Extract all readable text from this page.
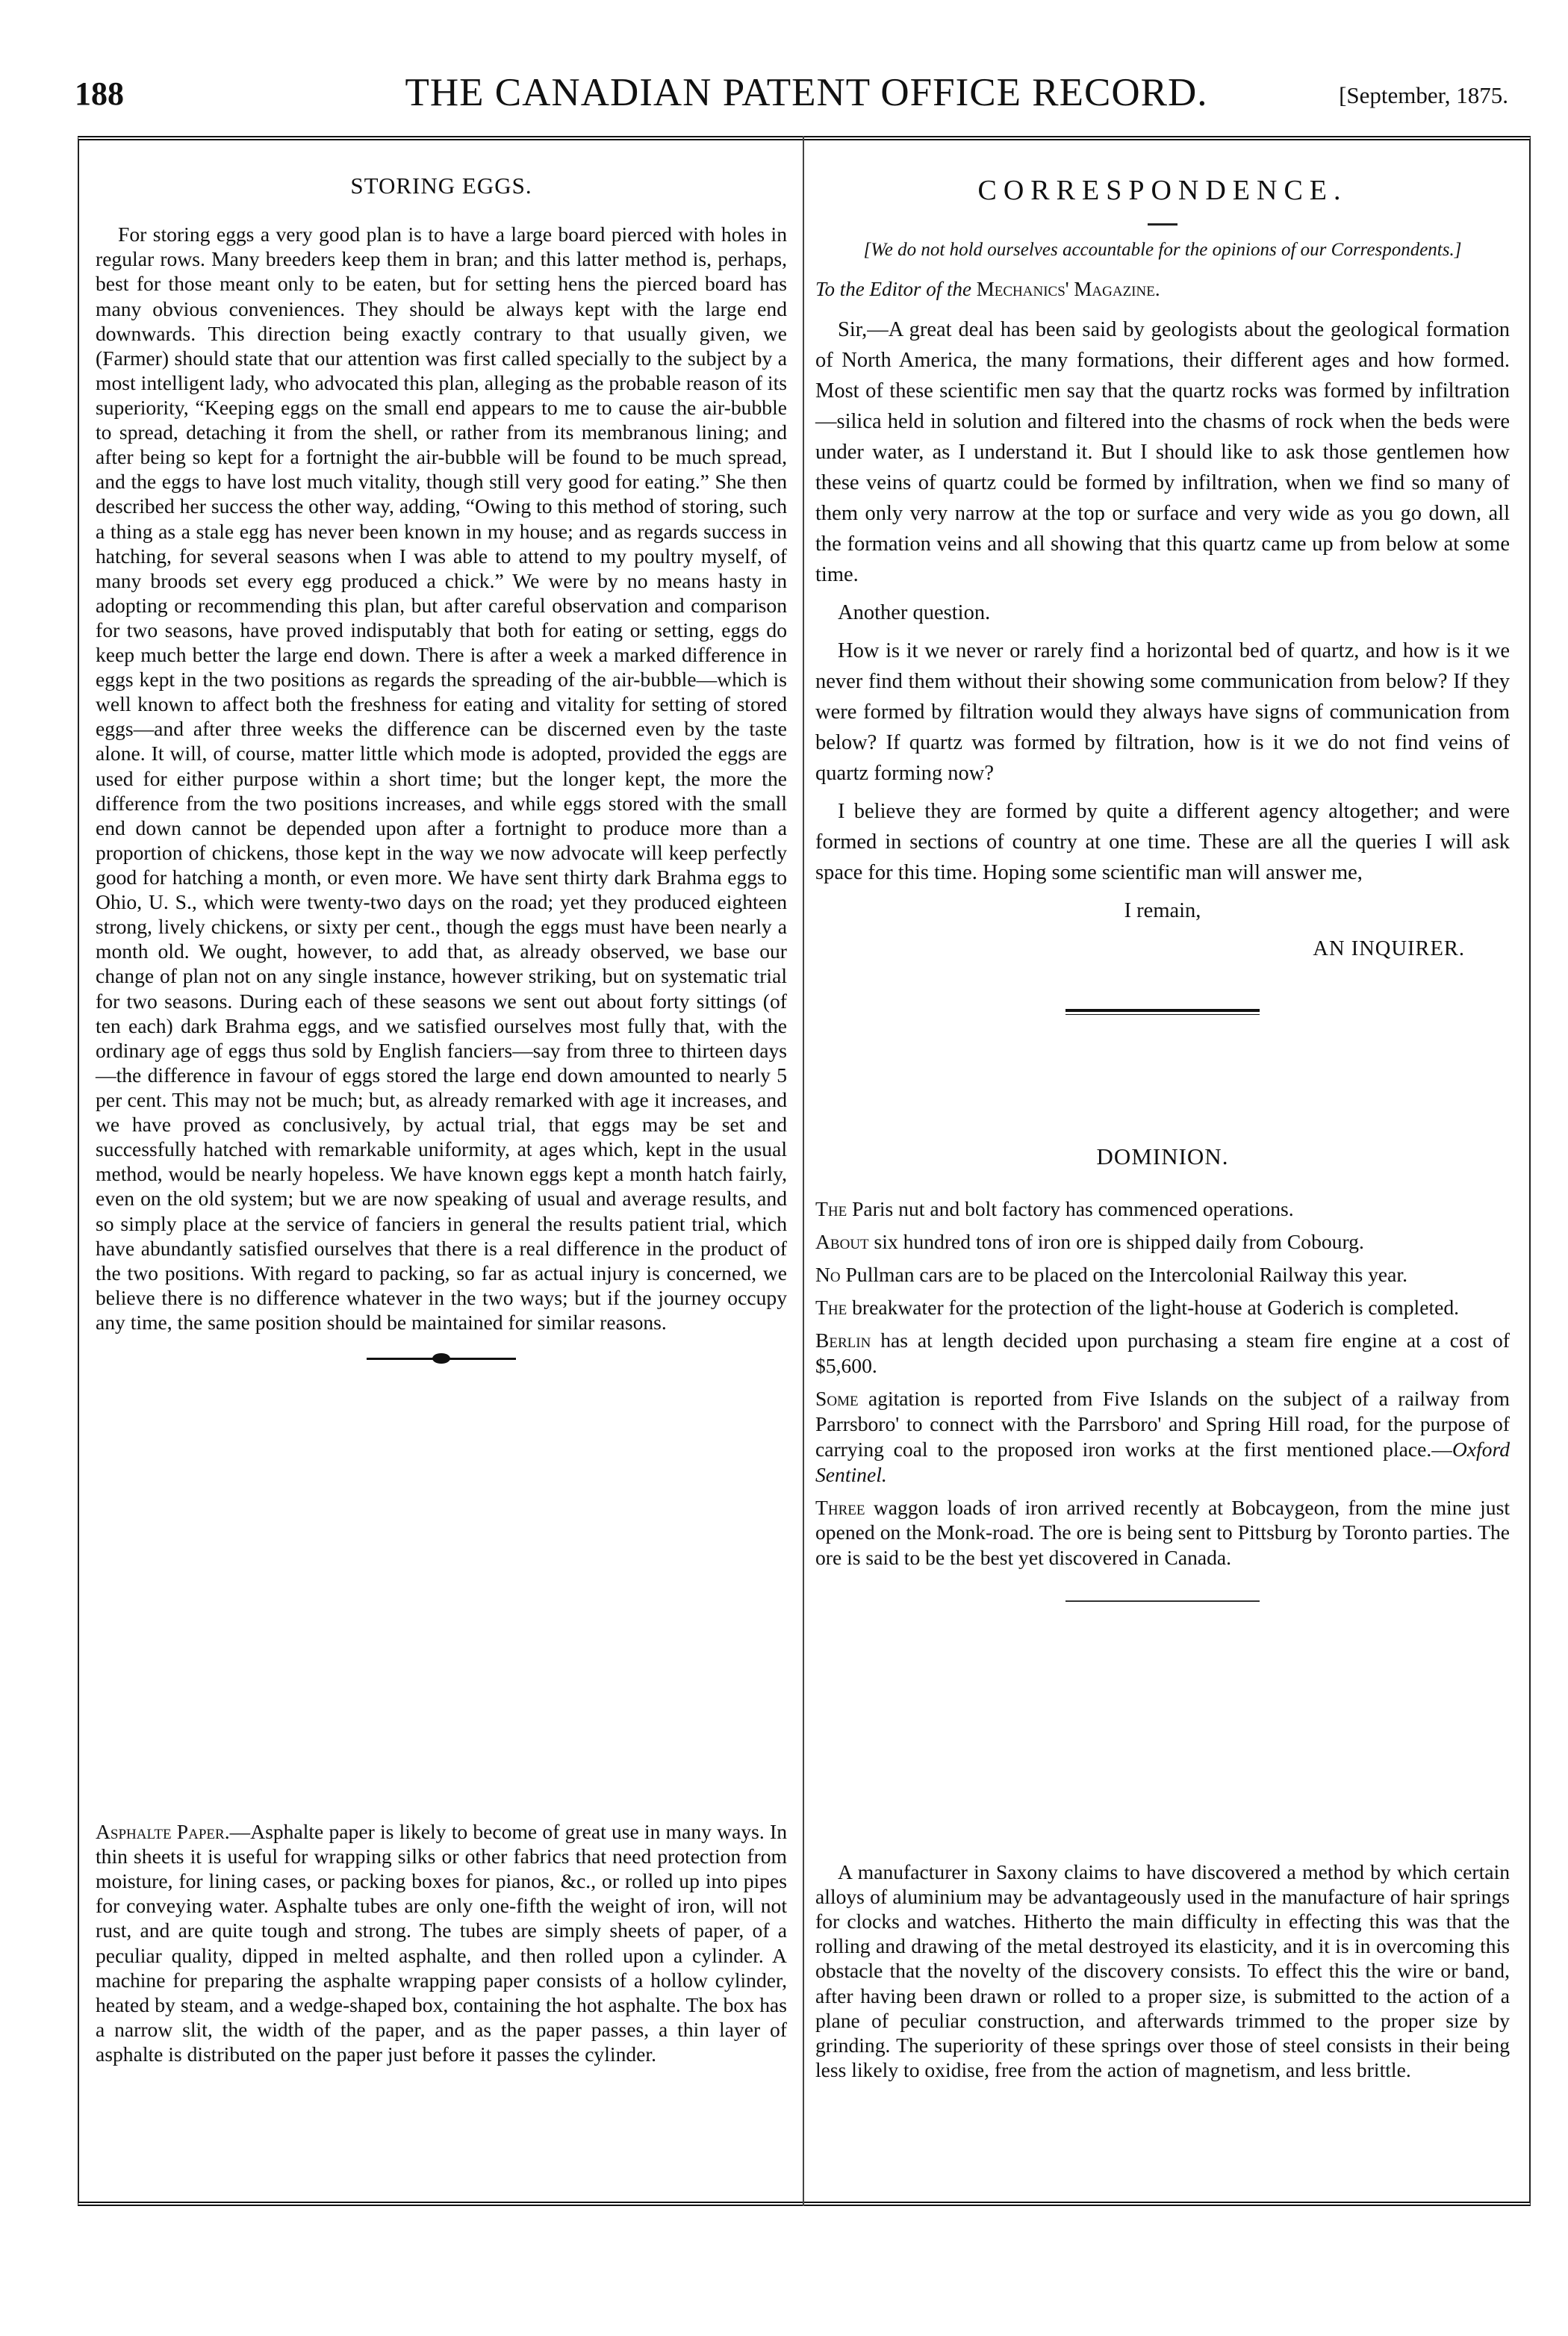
188	THE CANADIAN PATENT OFFICE RECORD.	[September, 1875.
STORING EGGS.

For storing eggs a very good plan is to have a large board pierced with holes in regular rows. Many breeders keep them in bran; and this latter method is, perhaps, best for those meant only to be eaten, but for setting hens the pierced board has many obvious conveniences. They should be always kept with the large end downwards. This direction being exactly contrary to that usually given, we (Farmer) should state that our attention was first called specially to the subject by a most intelligent lady, who advocated this plan, alleging as the probable reason of its superiority, “Keeping eggs on the small end appears to me to cause the air-bubble to spread, detaching it from the shell, or rather from its membranous lining; and after being so kept for a fortnight the air-bubble will be found to be much spread, and the eggs to have lost much vitality, though still very good for eating.” She then described her success the other way, adding, “Owing to this method of storing, such a thing as a stale egg has never been known in my house; and as regards success in hatching, for several seasons when I was able to attend to my poultry myself, of many broods set every egg produced a chick.” We were by no means hasty in adopting or recommending this plan, but after careful observation and comparison for two seasons, have proved indisputably that both for eating or setting, eggs do keep much better the large end down. There is after a week a marked difference in eggs kept in the two positions as regards the spreading of the air-bubble—which is well known to affect both the freshness for eating and vitality for setting of stored eggs—and after three weeks the difference can be discerned even by the taste alone. It will, of course, matter little which mode is adopted, provided the eggs are used for either purpose within a short time; but the longer kept, the more the difference from the two positions increases, and while eggs stored with the small end down cannot be depended upon after a fortnight to produce more than a proportion of chickens, those kept in the way we now advocate will keep perfectly good for hatching a month, or even more. We have sent thirty dark Brahma eggs to Ohio, U. S., which were twenty-two days on the road; yet they produced eighteen strong, lively chickens, or sixty per cent., though the eggs must have been nearly a month old. We ought, however, to add that, as already observed, we base our change of plan not on any single instance, however striking, but on systematic trial for two seasons. During each of these seasons we sent out about forty sittings (of ten each) dark Brahma eggs, and we satisfied ourselves most fully that, with the ordinary age of eggs thus sold by English fanciers—say from three to thirteen days—the difference in favour of eggs stored the large end down amounted to nearly 5 per cent. This may not be much; but, as already remarked with age it increases, and we have proved as conclusively, by actual trial, that eggs may be set and successfully hatched with remarkable uniformity, at ages which, kept in the usual method, would be nearly hopeless. We have known eggs kept a month hatch fairly, even on the old system; but we are now speaking of usual and average results, and so simply place at the service of fanciers in general the results patient trial, which have abundantly satisfied ourselves that there is a real difference in the product of the two positions. With regard to packing, so far as actual injury is concerned, we believe there is no difference whatever in the two ways; but if the journey occupy any time, the same position should be maintained for similar reasons.

Asphalte Paper.—Asphalte paper is likely to become of great use in many ways. In thin sheets it is useful for wrapping silks or other fabrics that need protection from moisture, for lining cases, or packing boxes for pianos, &c., or rolled up into pipes for conveying water. Asphalte tubes are only one-fifth the weight of iron, will not rust, and are quite tough and strong. The tubes are simply sheets of paper, of a peculiar quality, dipped in melted asphalte, and then rolled upon a cylinder. A machine for preparing the asphalte wrapping paper consists of a hollow cylinder, heated by steam, and a wedge-shaped box, containing the hot asphalte. The box has a narrow slit, the width of the paper, and as the paper passes, a thin layer of asphalte is distributed on the paper just before it passes the cylinder.

CORRESPONDENCE.
[We do not hold ourselves accountable for the opinions of our Correspondents.]
To the Editor of the Mechanics' Magazine.

Sir,—A great deal has been said by geologists about the geological formation of North America, the many formations, their different ages and how formed. Most of these scientific men say that the quartz rocks was formed by infiltration—silica held in solution and filtered into the chasms of rock when the beds were under water, as I understand it. But I should like to ask those gentlemen how these veins of quartz could be formed by infiltration, when we find so many of them only very narrow at the top or surface and very wide as you go down, all the formation veins and all showing that this quartz came up from below at some time.

Another question.

How is it we never or rarely find a horizontal bed of quartz, and how is it we never find them without their showing some communication from below? If they were formed by filtration would they always have signs of communication from below? If quartz was formed by filtration, how is it we do not find veins of quartz forming now?

I believe they are formed by quite a different agency altogether; and were formed in sections of country at one time. These are all the queries I will ask space for this time. Hoping some scientific man will answer me,

I remain,
AN INQUIRER.
DOMINION.

The Paris nut and bolt factory has commenced operations.

About six hundred tons of iron ore is shipped daily from Cobourg.

No Pullman cars are to be placed on the Intercolonial Railway this year.

The breakwater for the protection of the light-house at Goderich is completed.

Berlin has at length decided upon purchasing a steam fire engine at a cost of $5,600.

Some agitation is reported from Five Islands on the subject of a railway from Parrsboro' to connect with the Parrsboro' and Spring Hill road, for the purpose of carrying coal to the proposed iron works at the first mentioned place.—Oxford Sentinel.

Three waggon loads of iron arrived recently at Bobcaygeon, from the mine just opened on the Monk-road. The ore is being sent to Pittsburg by Toronto parties. The ore is said to be the best yet discovered in Canada.

A manufacturer in Saxony claims to have discovered a method by which certain alloys of aluminium may be advantageously used in the manufacture of hair springs for clocks and watches. Hitherto the main difficulty in effecting this was that the rolling and drawing of the metal destroyed its elasticity, and it is in overcoming this obstacle that the novelty of the discovery consists. To effect this the wire or band, after having been drawn or rolled to a proper size, is submitted to the action of a plane of peculiar construction, and afterwards trimmed to the proper size by grinding. The superiority of these springs over those of steel consists in their being less likely to oxidise, free from the action of magnetism, and less brittle.
